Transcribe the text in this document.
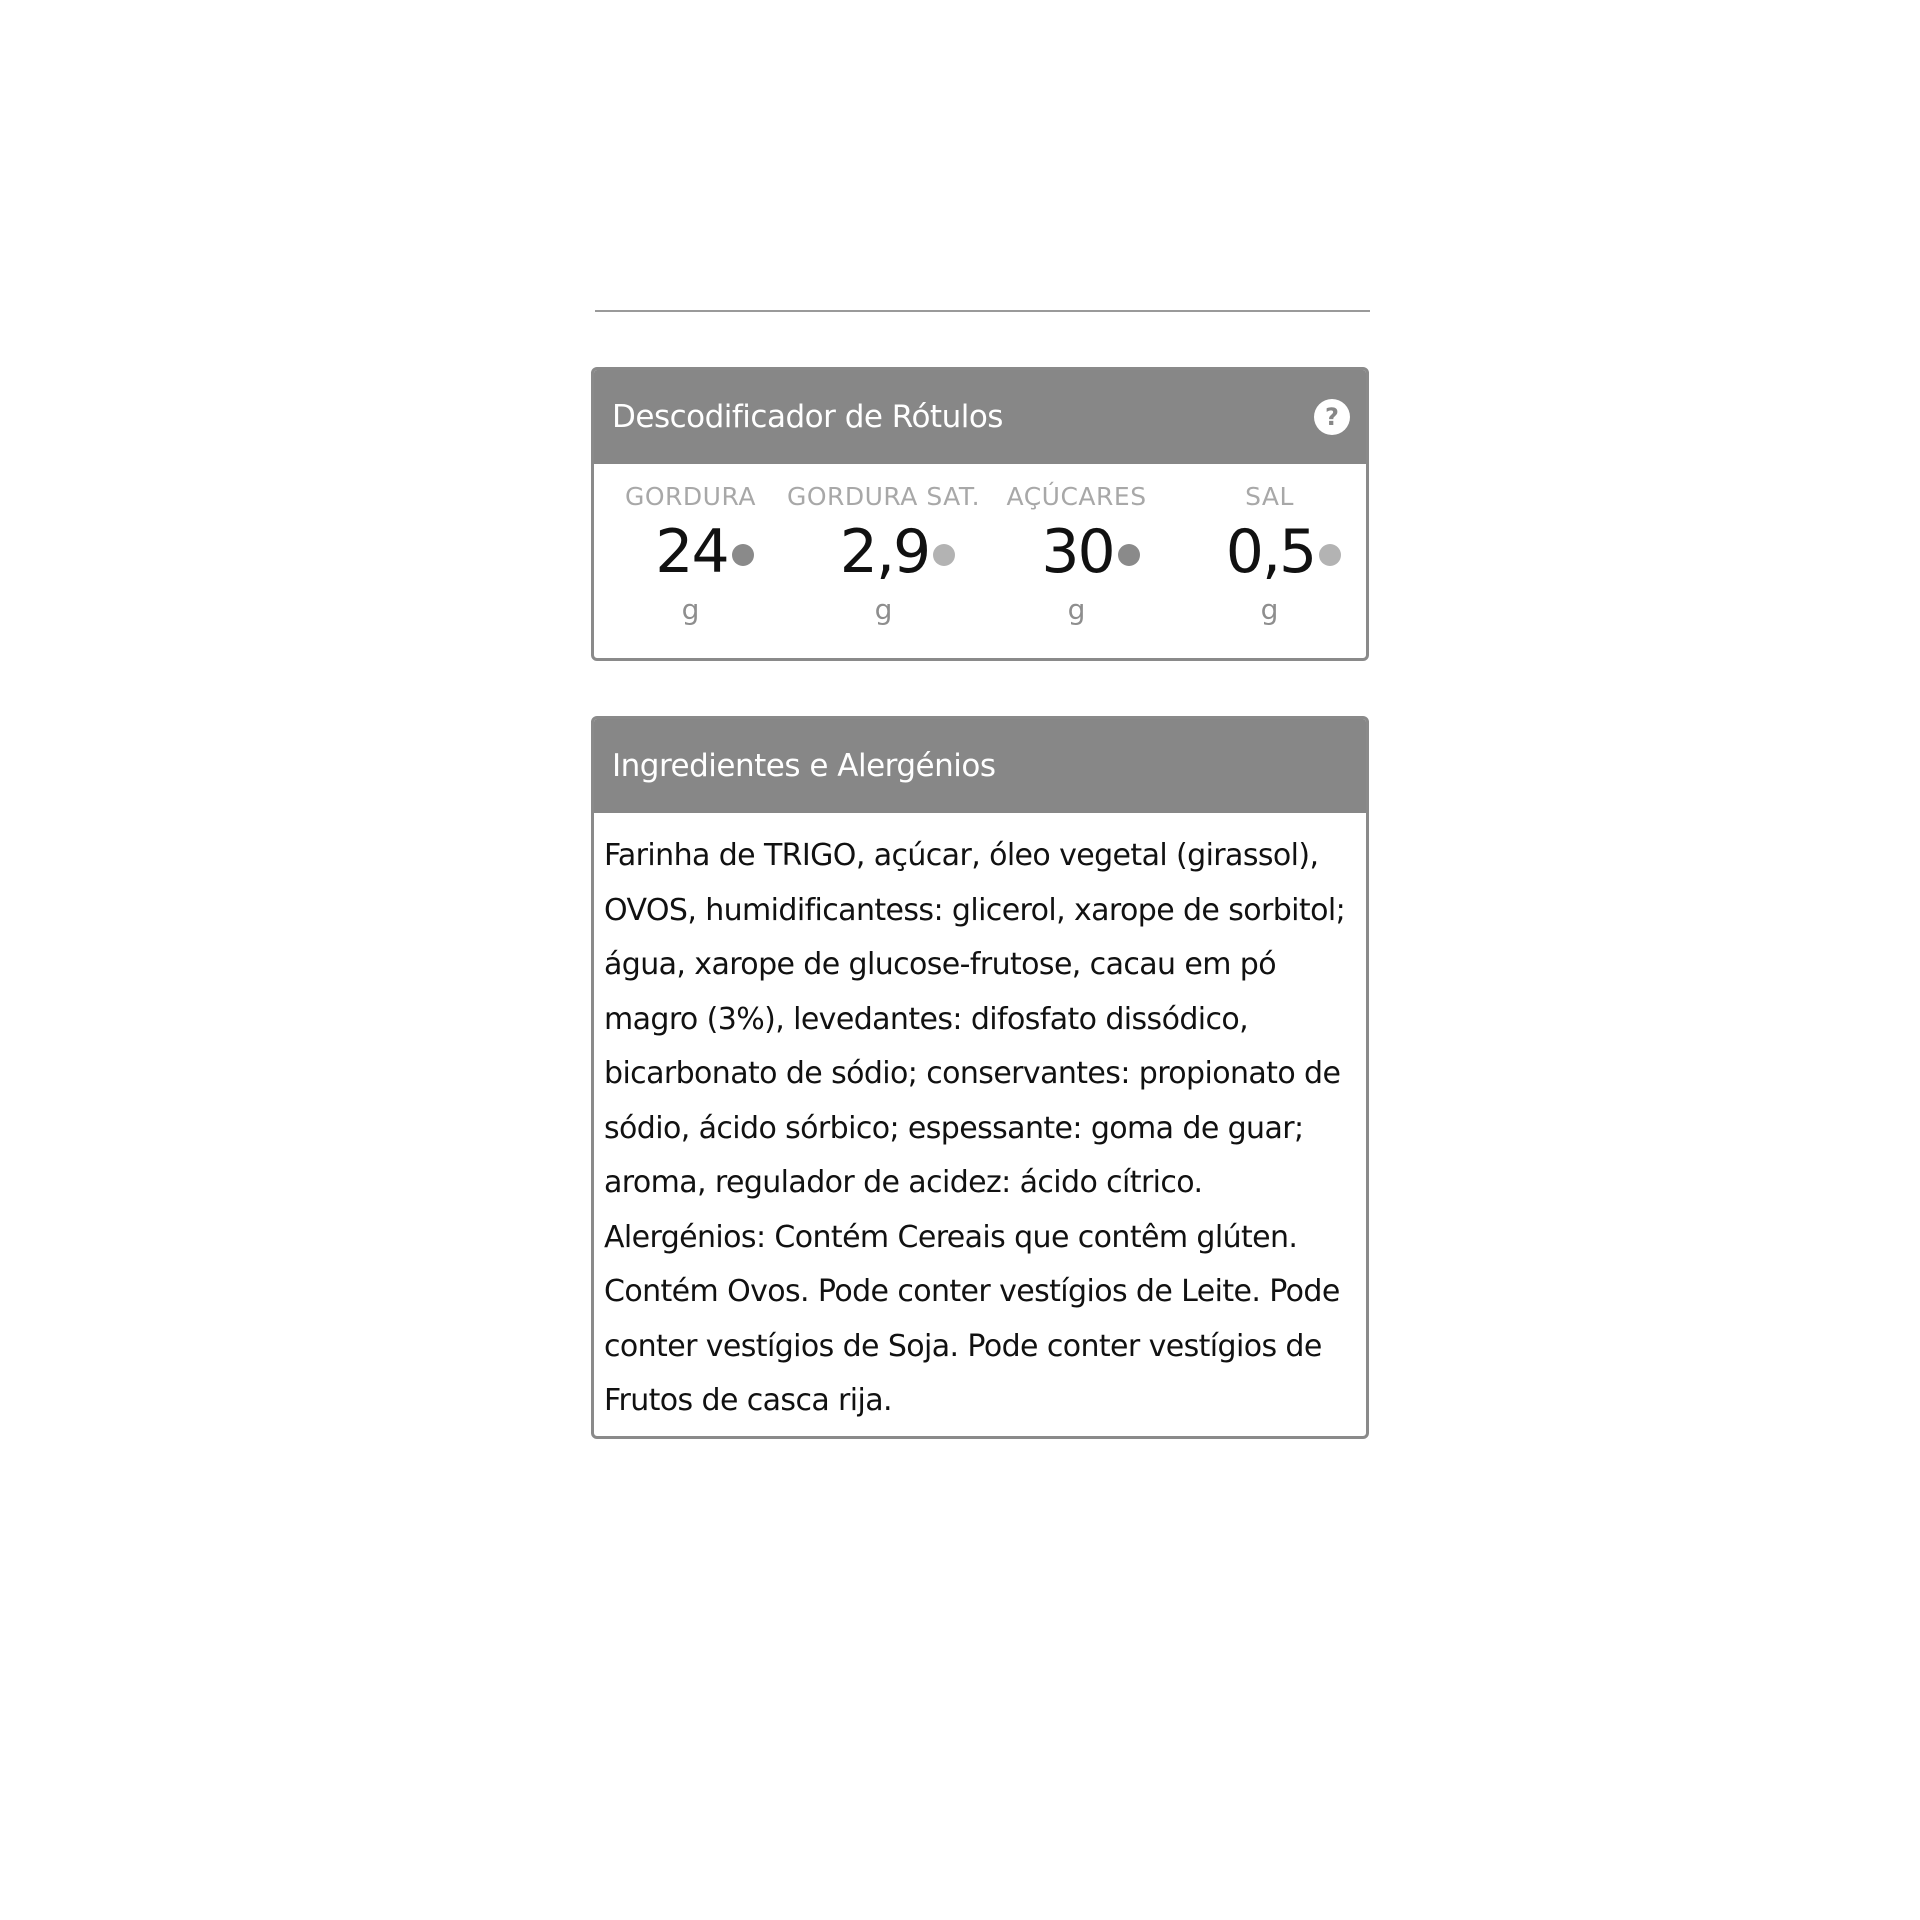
Descodificador de Rótulos	?
GORDURA
24
g
GORDURA SAT.
2,9
g
AÇÚCARES
30
g
SAL
0,5
g
Ingredientes e Alergénios
Farinha de TRIGO, açúcar, óleo vegetal (girassol), OVOS, humidificantess: glicerol, xarope de sorbitol; água, xarope de glucose-frutose, cacau em pó magro (3%), levedantes: difosfato dissódico, bicarbonato de sódio; conservantes: propionato de sódio, ácido sórbico; espessante: goma de guar; aroma, regulador de acidez: ácido cítrico. Alergénios: Contém Cereais que contêm glúten. Contém Ovos. Pode conter vestígios de Leite. Pode conter vestígios de Soja. Pode conter vestígios de Frutos de casca rija.
